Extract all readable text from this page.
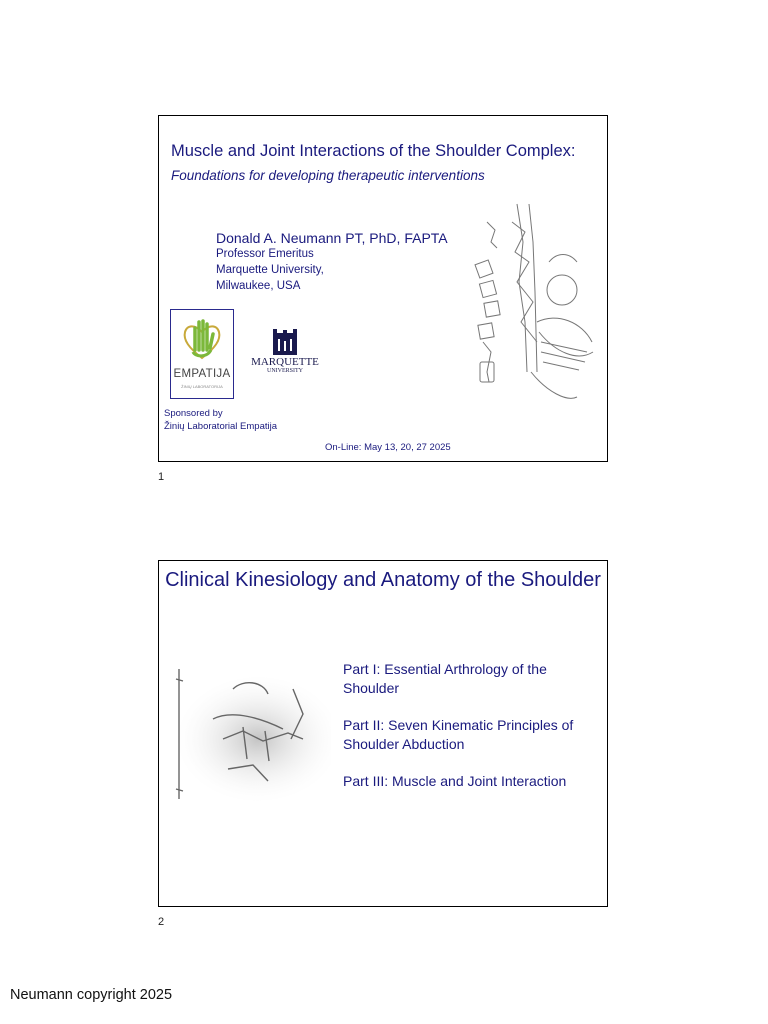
Muscle and Joint Interactions of the Shoulder Complex:
Foundations for developing therapeutic interventions
Donald A. Neumann PT, PhD, FAPTA
Professor Emeritus
Marquette University,
Milwaukee, USA
EMPATIJA
ŽINIŲ LABORATORIJA
MARQUETTE
UNIVERSITY
Sponsored by
Žinių Laboratorial Empatija
On-Line: May 13, 20, 27 2025
1
Clinical Kinesiology and Anatomy of the Shoulder
Part I: Essential Arthrology of the Shoulder
Part II: Seven Kinematic Principles of Shoulder Abduction
Part III: Muscle and Joint Interaction
2
Neumann copyright 2025
